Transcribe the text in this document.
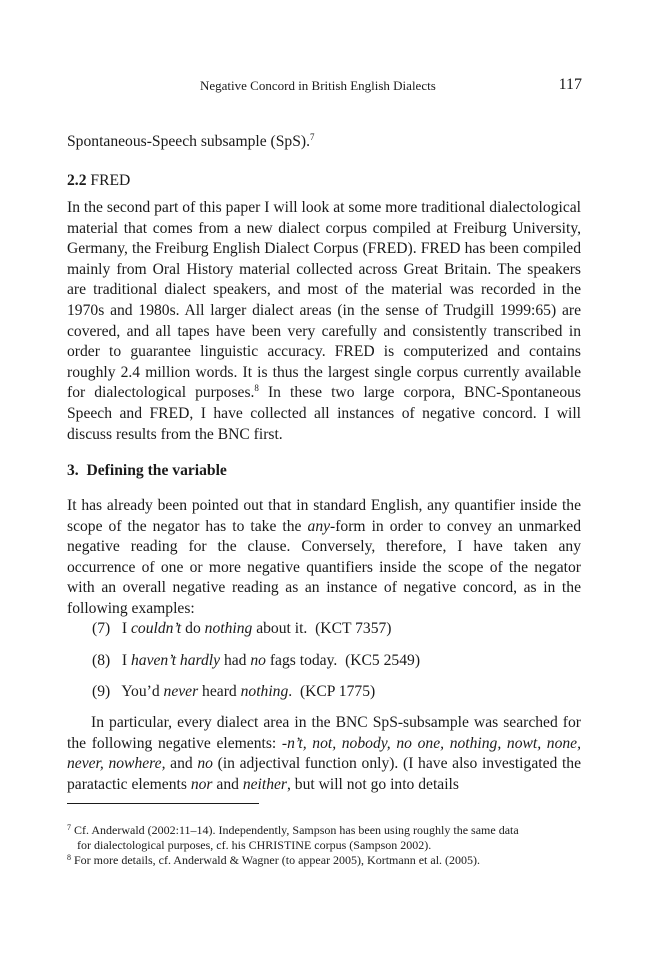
Negative Concord in British English Dialects	117
Spontaneous-Speech subsample (SpS).$^7$
2.2 FRED
In the second part of this paper I will look at some more traditional dialectological material that comes from a new dialect corpus compiled at Freiburg University, Germany, the Freiburg English Dialect Corpus (FRED). FRED has been compiled mainly from Oral History material collected across Great Britain. The speakers are traditional dialect speakers, and most of the material was recorded in the 1970s and 1980s. All larger dialect areas (in the sense of Trudgill 1999:65) are covered, and all tapes have been very carefully and consistently transcribed in order to guarantee linguistic accuracy. FRED is computerized and contains roughly 2.4 million words. It is thus the largest single corpus currently available for dialectological purposes.$^8$ In these two large corpora, BNC-Spontaneous Speech and FRED, I have collected all instances of negative concord. I will discuss results from the BNC first.
3. Defining the variable
It has already been pointed out that in standard English, any quantifier inside the scope of the negator has to take the any-form in order to convey an unmarked negative reading for the clause. Conversely, therefore, I have taken any occurrence of one or more negative quantifiers inside the scope of the negator with an overall negative reading as an instance of negative concord, as in the following examples:
(7) I couldn’t do nothing about it. (KCT 7357)
(8) I haven’t hardly had no fags today. (KC5 2549)
(9) You’d never heard nothing. (KCP 1775)
In particular, every dialect area in the BNC SpS-subsample was searched for the following negative elements: -n’t, not, nobody, no one, nothing, nowt, none, never, nowhere, and no (in adjectival function only). (I have also investigated the paratactic elements nor and neither, but will not go into details
$^7$ Cf. Anderwald (2002:11–14). Independently, Sampson has been using roughly the same data
for dialectological purposes, cf. his CHRISTINE corpus (Sampson 2002).
$^8$ For more details, cf. Anderwald & Wagner (to appear 2005), Kortmann et al. (2005).
